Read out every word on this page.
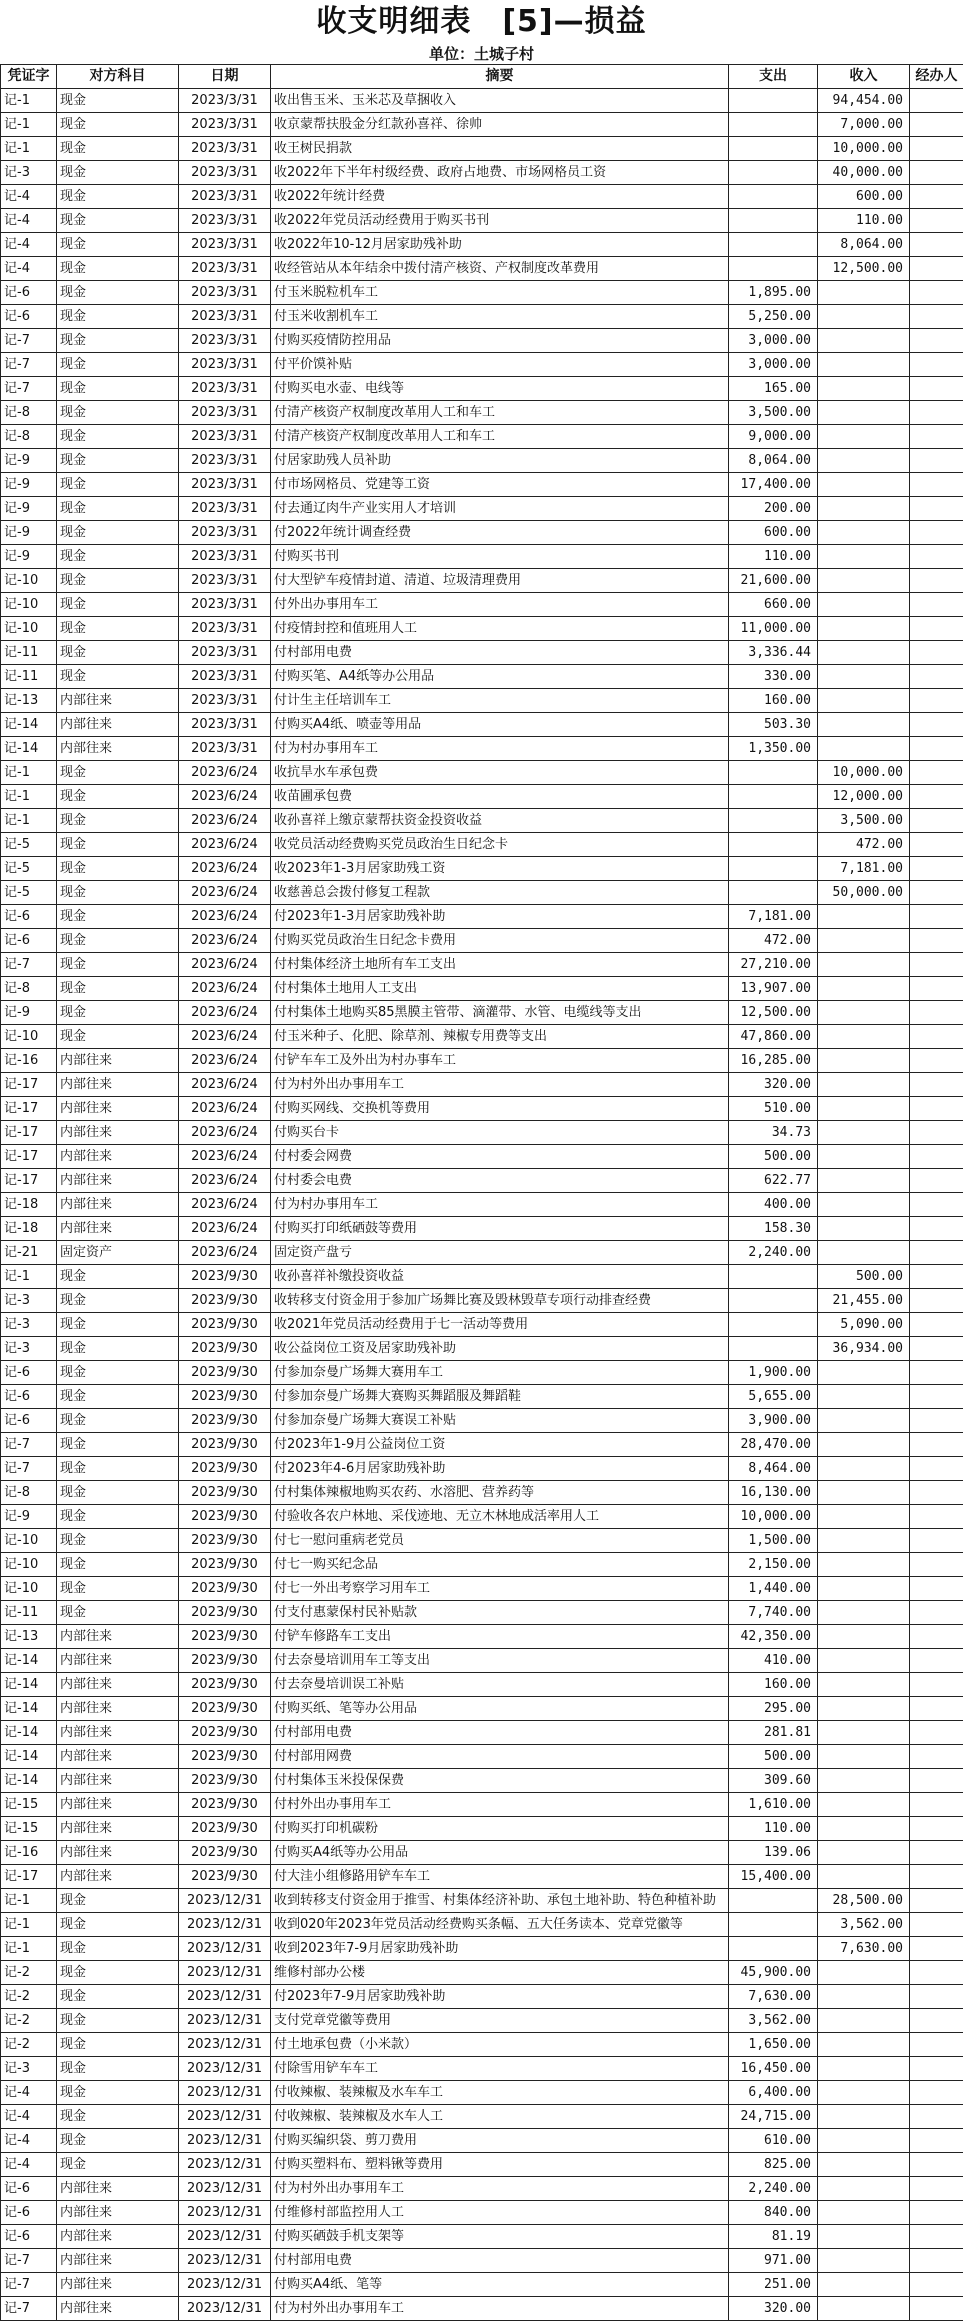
收支明细表　[5]—损益
单位：土城子村
凭证字	对方科目	日期	摘要	支出	收入	经办人
记-1	现金	2023/3/31	收出售玉米、玉米芯及草捆收入		94,454.00	
记-1	现金	2023/3/31	收京蒙帮扶股金分红款孙喜祥、徐帅		7,000.00	
记-1	现金	2023/3/31	收王树民捐款		10,000.00	
记-3	现金	2023/3/31	收2022年下半年村级经费、政府占地费、市场网格员工资		40,000.00	
记-4	现金	2023/3/31	收2022年统计经费		600.00	
记-4	现金	2023/3/31	收2022年党员活动经费用于购买书刊		110.00	
记-4	现金	2023/3/31	收2022年10-12月居家助残补助		8,064.00	
记-4	现金	2023/3/31	收经管站从本年结余中拨付清产核资、产权制度改革费用		12,500.00	
记-6	现金	2023/3/31	付玉米脱粒机车工	1,895.00		
记-6	现金	2023/3/31	付玉米收割机车工	5,250.00		
记-7	现金	2023/3/31	付购买疫情防控用品	3,000.00		
记-7	现金	2023/3/31	付平价馍补贴	3,000.00		
记-7	现金	2023/3/31	付购买电水壶、电线等	165.00		
记-8	现金	2023/3/31	付清产核资产权制度改革用人工和车工	3,500.00		
记-8	现金	2023/3/31	付清产核资产权制度改革用人工和车工	9,000.00		
记-9	现金	2023/3/31	付居家助残人员补助	8,064.00		
记-9	现金	2023/3/31	付市场网格员、党建等工资	17,400.00		
记-9	现金	2023/3/31	付去通辽肉牛产业实用人才培训	200.00		
记-9	现金	2023/3/31	付2022年统计调查经费	600.00		
记-9	现金	2023/3/31	付购买书刊	110.00		
记-10	现金	2023/3/31	付大型铲车疫情封道、清道、垃圾清理费用	21,600.00		
记-10	现金	2023/3/31	付外出办事用车工	660.00		
记-10	现金	2023/3/31	付疫情封控和值班用人工	11,000.00		
记-11	现金	2023/3/31	付村部用电费	3,336.44		
记-11	现金	2023/3/31	付购买笔、A4纸等办公用品	330.00		
记-13	内部往来	2023/3/31	付计生主任培训车工	160.00		
记-14	内部往来	2023/3/31	付购买A4纸、喷壶等用品	503.30		
记-14	内部往来	2023/3/31	付为村办事用车工	1,350.00		
记-1	现金	2023/6/24	收抗旱水车承包费		10,000.00	
记-1	现金	2023/6/24	收苗圃承包费		12,000.00	
记-1	现金	2023/6/24	收孙喜祥上缴京蒙帮扶资金投资收益		3,500.00	
记-5	现金	2023/6/24	收党员活动经费购买党员政治生日纪念卡		472.00	
记-5	现金	2023/6/24	收2023年1-3月居家助残工资		7,181.00	
记-5	现金	2023/6/24	收慈善总会拨付修复工程款		50,000.00	
记-6	现金	2023/6/24	付2023年1-3月居家助残补助	7,181.00		
记-6	现金	2023/6/24	付购买党员政治生日纪念卡费用	472.00		
记-7	现金	2023/6/24	付村集体经济土地所有车工支出	27,210.00		
记-8	现金	2023/6/24	付村集体土地用人工支出	13,907.00		
记-9	现金	2023/6/24	付村集体土地购买85黑膜主管带、滴灌带、水管、电缆线等支出	12,500.00		
记-10	现金	2023/6/24	付玉米种子、化肥、除草剂、辣椒专用费等支出	47,860.00		
记-16	内部往来	2023/6/24	付铲车车工及外出为村办事车工	16,285.00		
记-17	内部往来	2023/6/24	付为村外出办事用车工	320.00		
记-17	内部往来	2023/6/24	付购买网线、交换机等费用	510.00		
记-17	内部往来	2023/6/24	付购买台卡	34.73		
记-17	内部往来	2023/6/24	付村委会网费	500.00		
记-17	内部往来	2023/6/24	付村委会电费	622.77		
记-18	内部往来	2023/6/24	付为村办事用车工	400.00		
记-18	内部往来	2023/6/24	付购买打印纸硒鼓等费用	158.30		
记-21	固定资产	2023/6/24	固定资产盘亏	2,240.00		
记-1	现金	2023/9/30	收孙喜祥补缴投资收益		500.00	
记-3	现金	2023/9/30	收转移支付资金用于参加广场舞比赛及毁林毁草专项行动排查经费		21,455.00	
记-3	现金	2023/9/30	收2021年党员活动经费用于七一活动等费用		5,090.00	
记-3	现金	2023/9/30	收公益岗位工资及居家助残补助		36,934.00	
记-6	现金	2023/9/30	付参加奈曼广场舞大赛用车工	1,900.00		
记-6	现金	2023/9/30	付参加奈曼广场舞大赛购买舞蹈服及舞蹈鞋	5,655.00		
记-6	现金	2023/9/30	付参加奈曼广场舞大赛误工补贴	3,900.00		
记-7	现金	2023/9/30	付2023年1-9月公益岗位工资	28,470.00		
记-7	现金	2023/9/30	付2023年4-6月居家助残补助	8,464.00		
记-8	现金	2023/9/30	付村集体辣椒地购买农药、水溶肥、营养药等	16,130.00		
记-9	现金	2023/9/30	付验收各农户林地、采伐迹地、无立木林地成活率用人工	10,000.00		
记-10	现金	2023/9/30	付七一慰问重病老党员	1,500.00		
记-10	现金	2023/9/30	付七一购买纪念品	2,150.00		
记-10	现金	2023/9/30	付七一外出考察学习用车工	1,440.00		
记-11	现金	2023/9/30	付支付惠蒙保村民补贴款	7,740.00		
记-13	内部往来	2023/9/30	付铲车修路车工支出	42,350.00		
记-14	内部往来	2023/9/30	付去奈曼培训用车工等支出	410.00		
记-14	内部往来	2023/9/30	付去奈曼培训误工补贴	160.00		
记-14	内部往来	2023/9/30	付购买纸、笔等办公用品	295.00		
记-14	内部往来	2023/9/30	付村部用电费	281.81		
记-14	内部往来	2023/9/30	付村部用网费	500.00		
记-14	内部往来	2023/9/30	付村集体玉米投保保费	309.60		
记-15	内部往来	2023/9/30	付村外出办事用车工	1,610.00		
记-15	内部往来	2023/9/30	付购买打印机碳粉	110.00		
记-16	内部往来	2023/9/30	付购买A4纸等办公用品	139.06		
记-17	内部往来	2023/9/30	付大洼小组修路用铲车车工	15,400.00		
记-1	现金	2023/12/31	收到转移支付资金用于推雪、村集体经济补助、承包土地补助、特色种植补助		28,500.00	
记-1	现金	2023/12/31	收到020年2023年党员活动经费购买条幅、五大任务读本、党章党徽等		3,562.00	
记-1	现金	2023/12/31	收到2023年7-9月居家助残补助		7,630.00	
记-2	现金	2023/12/31	维修村部办公楼	45,900.00		
记-2	现金	2023/12/31	付2023年7-9月居家助残补助	7,630.00		
记-2	现金	2023/12/31	支付党章党徽等费用	3,562.00		
记-2	现金	2023/12/31	付土地承包费（小米款）	1,650.00		
记-3	现金	2023/12/31	付除雪用铲车车工	16,450.00		
记-4	现金	2023/12/31	付收辣椒、装辣椒及水车车工	6,400.00		
记-4	现金	2023/12/31	付收辣椒、装辣椒及水车人工	24,715.00		
记-4	现金	2023/12/31	付购买编织袋、剪刀费用	610.00		
记-4	现金	2023/12/31	付购买塑料布、塑料锹等费用	825.00		
记-6	内部往来	2023/12/31	付为村外出办事用车工	2,240.00		
记-6	内部往来	2023/12/31	付维修村部监控用人工	840.00		
记-6	内部往来	2023/12/31	付购买硒鼓手机支架等	81.19		
记-7	内部往来	2023/12/31	付村部用电费	971.00		
记-7	内部往来	2023/12/31	付购买A4纸、笔等	251.00		
记-7	内部往来	2023/12/31	付为村外出办事用车工	320.00		
